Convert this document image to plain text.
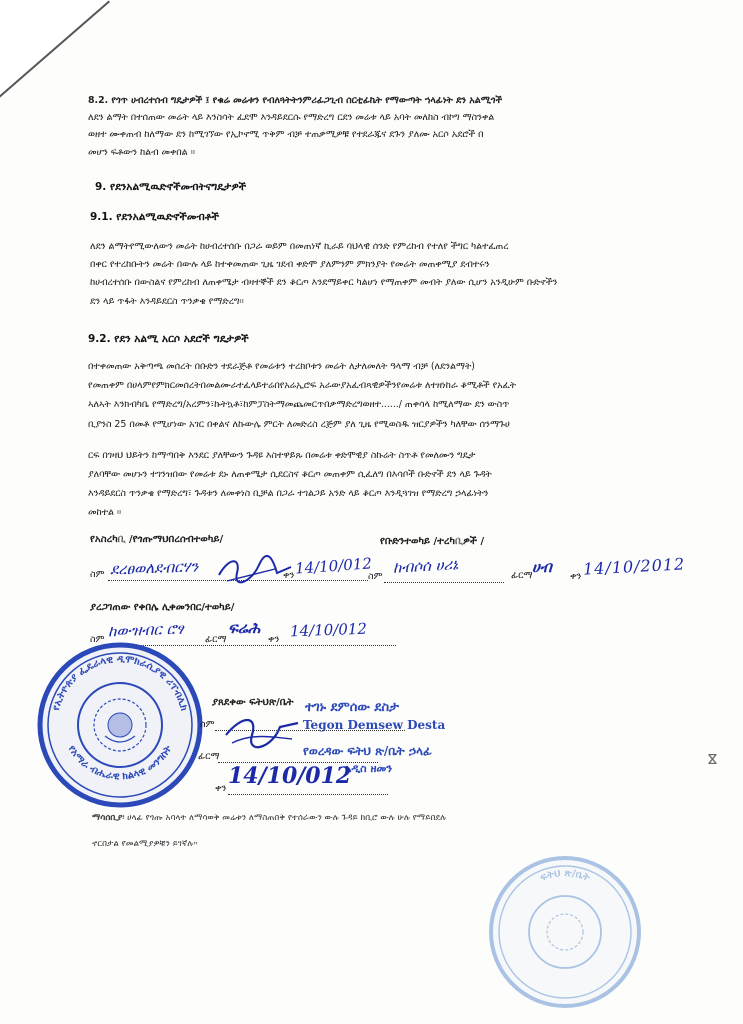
8.2. የጎጥ ሀብረተሰብ ግዴታዎች ፤ የቁሬ መሬቱን የብለጓትትንምሪፊጋጊብ ሰርቲፊኬት የማውጣት ኀላፊነት ደን አልሚጎች

ለደን ልማት በተሰጠው መሬት ላይ እንስሳት ፈደሞ እንዳይደርሱ የማድረግ ርደን መሬቱ ላይ አባት መለከስ ብኮግ ማስንቀል

ወዘተ ሙቀጠብ ከለማው ደን ከሚገኘው የኢኮኖሚ ጥቅም ብቻ ተጠቃሚዎቹ የተደራጁና ደጉን ያለሙ አርሶ አደሮች በ

መሆን ፍቶውን ከልብ መቀበል ።

9. የደንአልሚዉድኖችመብትናግዴታዎች
9.1. የደንአልሚዉድኖችመብቶች

ለደን ልማትየሚውለውን መሬት ከሀብረተሰቡ በጋራ ወይም በመጠነኛ ኪራይ ባህላዊ ሰንድ የምረከብ የተለየ ችግር ካልተፈጠረ

በቀር የተረከቡትን መሬት በውሉ ላይ ከተቀመጠው ጊዜ ገደብ ቀድሞ ያለምንም ምክንያት የመሬት መጠቀሚያ ደብተሩን

ከሀብረተሰቡ በውስልና የምረከብ ለጠቀሜታ ብዛተኞች ደን ቆርጦ እንደማይቀር ካልሆነ የማጠቀም መብት ያለው ሲሆን አንዲሁም ቡድኖችን

ደን ላይ ጥፋት እንዳይደርስ ጥንቃቄ የማድረግ።

9.2. የደን አልሚ አርሶ አደሮች ግዴታዎች

በተቀመጠው አቅጣጫ መሰረት በቡድን ተደራጅቶ የመሬቱን ተረክቦቱን መሬት ለታለመለት ዓላማ ብቻ (ለደንልማት)

የመጠቀም በሀላምየምክርመሰረትበመልሙራተፈላይተሬበየአሬኢሮፍ አራውያአፈብጻዊዎችንየመሬቱ ለተዘነከራ ቆሚቶች የአፈት

ኣለኣት እንክብካቤ የማድረግ/አረምን፣ኩትኳቶ፣ከምፓስትማመጨመርጥበቃማድረግወዘተ....../ ጠቀሳላ ከሚለማው ደን ውስጥ

ቢያንስ 25 በመቶ የሚሆነው አገር በቀልና ለኩውሌ ምርት ለመድረስ ረጅም ያለ ጊዜ የሚወስዱ ዝርያዎችን ካለቸው ሰንማጉሀ

ርፍ በገዛህ ህይትን ከማጣበቅ እንደር ያለቸውን ጉዳዩ እስተዋይጹ በመሬቱ ቀድሞዊያ ስኩሬት ስጥቶ የመለሙን ግዴታ

ያለባቸው መሆኑን ተገንዝበው የመሬቱ ደኑ ለጠቀሜታ ሲደርስና ቆርጦ መጠቀም ሲፈለግ በእሳቦች ቡድኖች ደን ላይ ጉዳት

እንዳይደርስ ጥንቃቄ የማድረግ፣ ጉዳቱን ለመቀነስ ቢቻል በጋራ ተገልጋይ አንድ ላይ ቆርጦ እንዲጓገዝ የማድረግ ኃላፊነትን

መከተል ።

የአስረካቢ /የጎጡማህበረሰብተወካይ/	የቡድንተወካይ /ተረካቢዎች /
ስም ደረፀወለደብርሃን	ቀን 14/10/012
ስም ከብሶሰ ሀሪኔ	ፊርማ ሀብ
ቀን 14/10/2012
ያረጋገጠው የቀበሌ ሊቀመንበር/ተወካይ/
ስም ከውዝብር ሮፃ ፊርማ
ፍሬሕ
ቀን 14/10/012
የኢትዮጵያ ፌዴራላዊ ዲሞክራሲያዊ ሪፐብሊክ
የአማራ ብሔራዊ ክልላዊ መንግስት
ያጸደቀው ፍትህጽ/ቤት
ስም
ተገኑ ደምሰው ደስታ
Tegon Demsew Desta
ፊርማ	የወረዳው ፍትህ ጽ/ቤት ኃላፊ
አዲስ ዘመን
ቀን 14/10/012
ⴵ
ማሳሰቢያ፡ ሀላፊ የጎጡ አባላት ለማሳወቅ መሬቱን ለማስጠበቅ የተሰራውን ውሉ ጉዳይ ከቢሮ ውሉ ሁሉ የማይበደሉ
ኖርበታል የመልሚያዎቹን ይገኛሉ።
ፍትህ ጽ/ቤት
